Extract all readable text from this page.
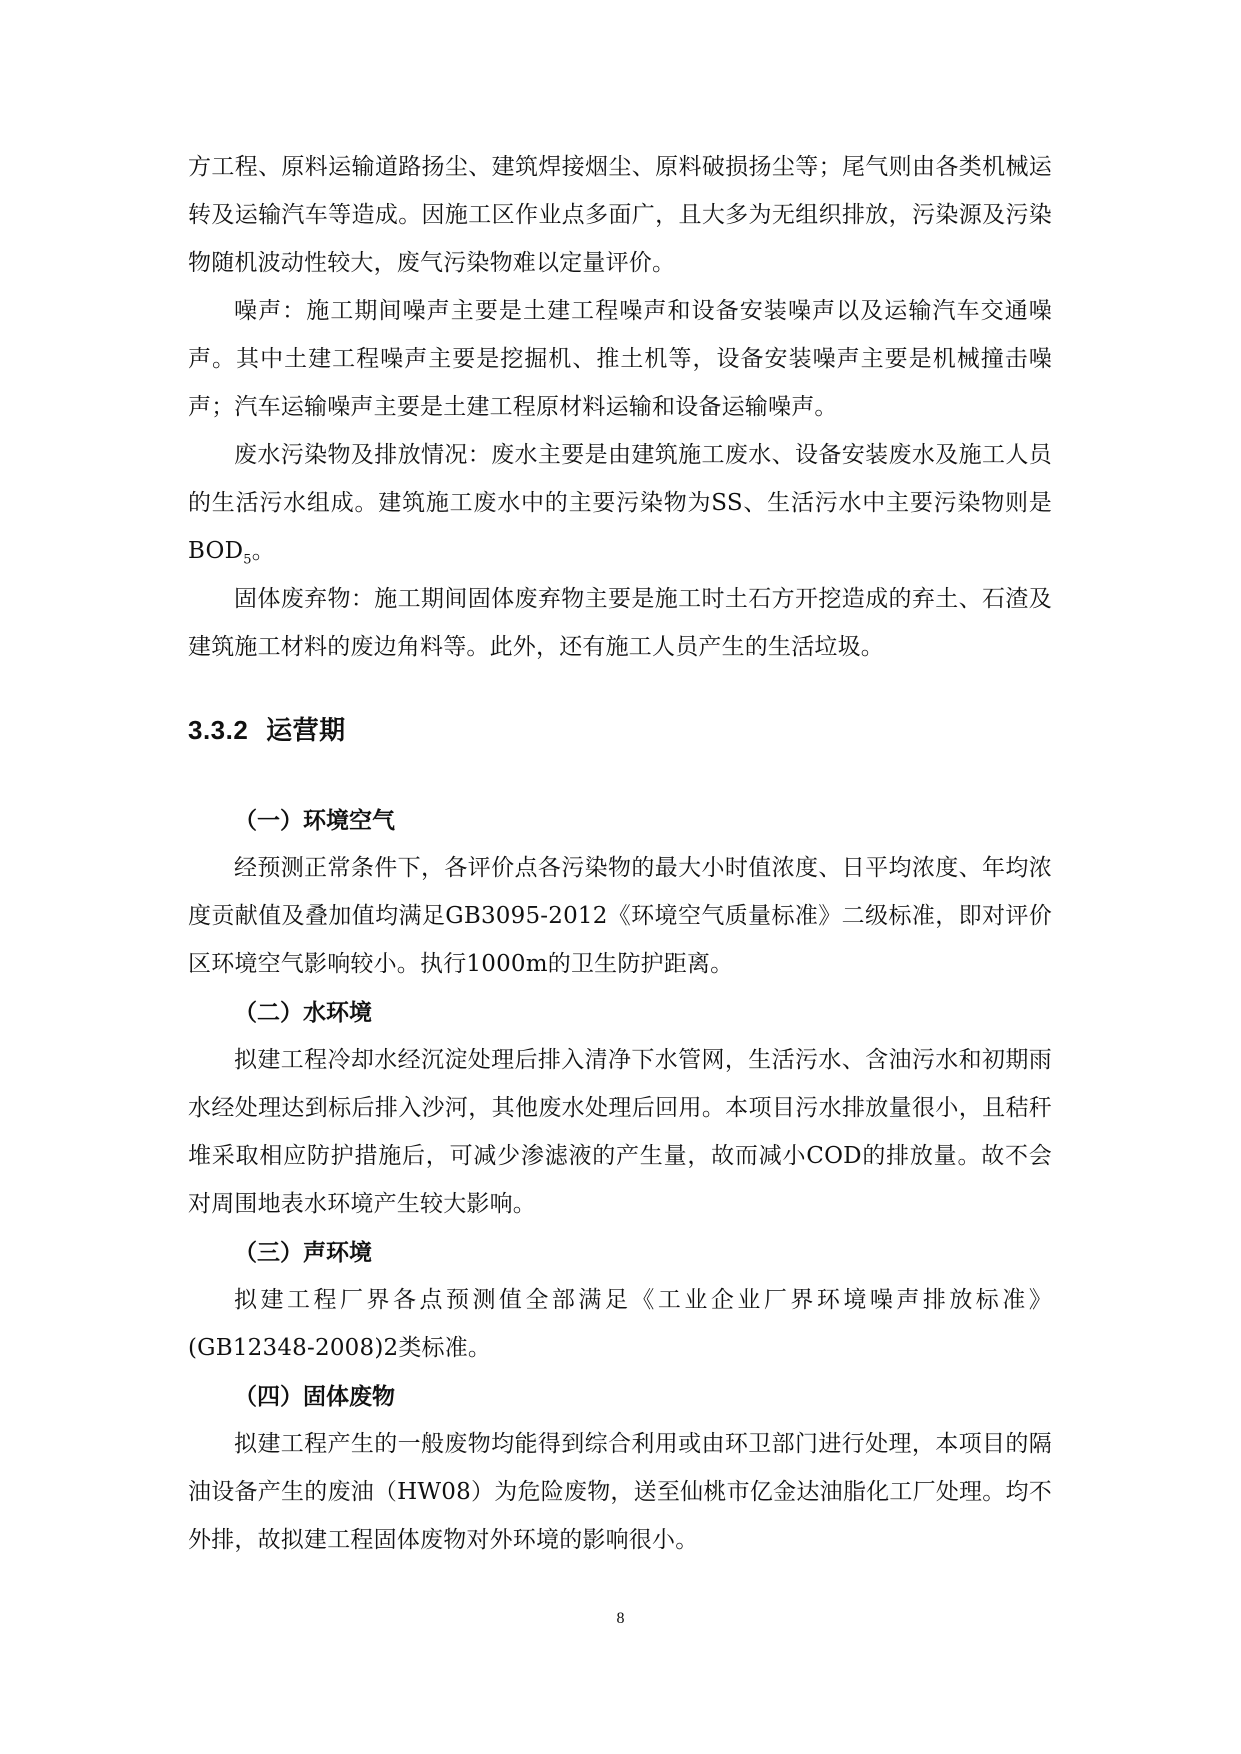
方工程、原料运输道路扬尘、建筑焊接烟尘、原料破损扬尘等；尾气则由各类机械运转及运输汽车等造成。因施工区作业点多面广，且大多为无组织排放，污染源及污染物随机波动性较大，废气污染物难以定量评价。

噪声：施工期间噪声主要是土建工程噪声和设备安装噪声以及运输汽车交通噪声。其中土建工程噪声主要是挖掘机、推土机等，设备安装噪声主要是机械撞击噪声；汽车运输噪声主要是土建工程原材料运输和设备运输噪声。

废水污染物及排放情况：废水主要是由建筑施工废水、设备安装废水及施工人员的生活污水组成。建筑施工废水中的主要污染物为SS、生活污水中主要污染物则是$BOD_5$。

固体废弃物：施工期间固体废弃物主要是施工时土石方开挖造成的弃土、石渣及建筑施工材料的废边角料等。此外，还有施工人员产生的生活垃圾。

3.3.2 运营期
（一）环境空气

经预测正常条件下，各评价点各污染物的最大小时值浓度、日平均浓度、年均浓度贡献值及叠加值均满足GB3095-2012《环境空气质量标准》二级标准，即对评价区环境空气影响较小。执行1000m的卫生防护距离。

（二）水环境

拟建工程冷却水经沉淀处理后排入清净下水管网，生活污水、含油污水和初期雨水经处理达到标后排入沙河，其他废水处理后回用。本项目污水排放量很小，且秸秆堆采取相应防护措施后，可减少渗滤液的产生量，故而减小COD的排放量。故不会对周围地表水环境产生较大影响。

（三）声环境

拟建工程厂界各点预测值全部满足《工业企业厂界环境噪声排放标准》(GB12348-2008)2类标准。

（四）固体废物

拟建工程产生的一般废物均能得到综合利用或由环卫部门进行处理，本项目的隔油设备产生的废油（HW08）为危险废物，送至仙桃市亿金达油脂化工厂处理。均不外排，故拟建工程固体废物对外环境的影响很小。

8
